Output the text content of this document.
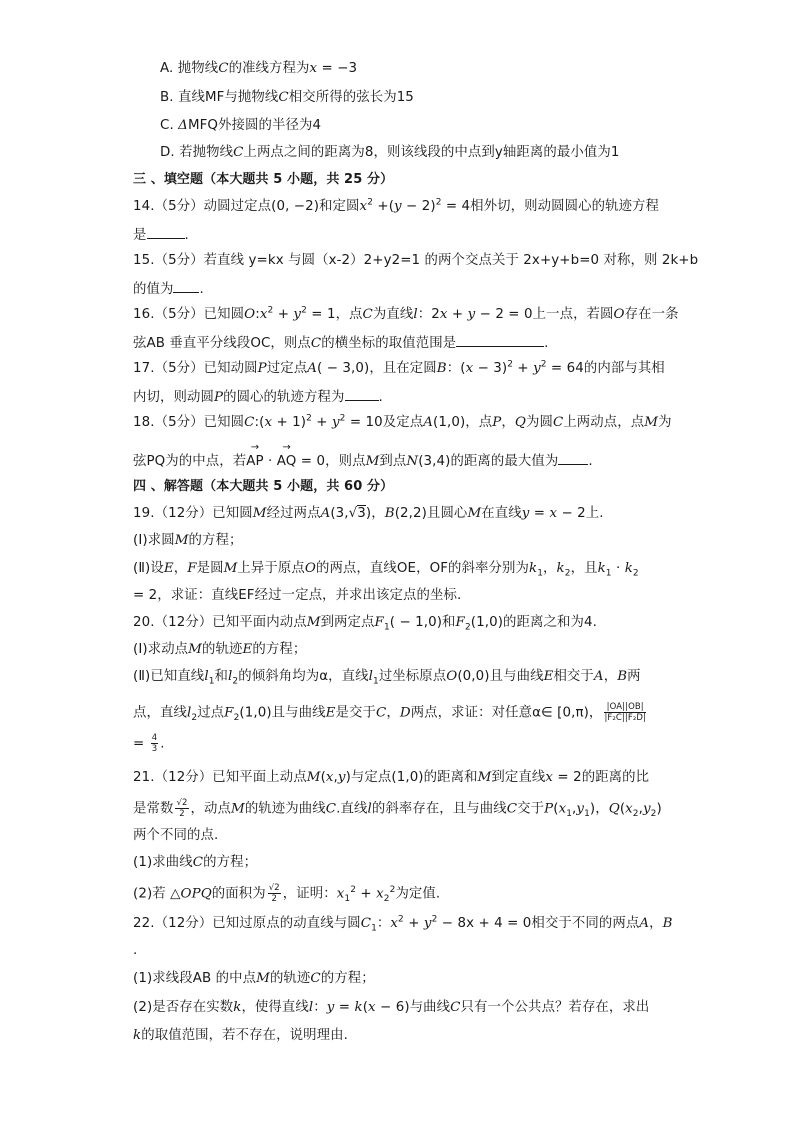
A. 抛物线C的准线方程为x = −3
B. 直线MF与抛物线C相交所得的弦长为15
C. ΔMFQ外接圆的半径为4
D. 若抛物线C上两点之间的距离为8，则该线段的中点到y轴距离的最小值为1
三 、填空题（本大题共 5 小题，共 25 分）
14.（5分）动圆过定点(0, −2)和定圆$x^2 +(y - 2)^2 = 4$相外切，则动圆圆心的轨迹方程
是	.
15.（5分）若直线 y=kx 与圆（x-2）2+y2=1 的两个交点关于 2x+y+b=0 对称，则 2k+b
的值为 .
16.（5分）已知圆$O:x^2 + y^2 = 1$，点C为直线l：2x + y − 2 = 0上一点，若圆O存在一条
弦AB 垂直平分线段OC，则点C的横坐标的取值范围是	.
17.（5分）已知动圆P过定点A( − 3,0)，且在定圆B：$(x - 3)^2 + y^2 = 64$的内部与其相
内切，则动圆P的圆心的轨迹方程为	.
18.（5分）已知圆C:(x + $1)^2 + y^2 = 10$及定点A(1,0)，点P，Q为圆C上两动点，点M为
弦PQ为的中点，若→ AP · → AQ = 0，则点M到点N(3,4)的距离的最大值为 .
四 、解答题（本大题共 5 小题，共 60 分）
19.（12分）已知圆M经过两点A(3,√3)，B(2,2)且圆心M在直线y = x − 2上.
(Ⅰ)求圆M的方程；
(Ⅱ)设E，F是圆M上异于原点O的两点，直线OE，OF的斜率分别为$k_1$，$k_2$，且$k_1 \cdot k_2$
= 2，求证：直线EF经过一定点，并求出该定点的坐标.
20.（12分）已知平面内动点M到两定点$F_1( - 1,0)$和$F_2(1,0)$的距离之和为4.
(Ⅰ)求动点M的轨迹E的方程；
(Ⅱ)已知直线$l_1$和$l_2$的倾斜角均为α，直线$l_1$过坐标原点O(0,0)且与曲线E相交于A，B两
点，直线$l_2$过点$F_2(1,0)$且与曲线E是交于C，D两点，求证：对任意α∈ [0,π)， $\frac{|OA||OB|}{\text{|F₂C||F₂D|}}$
= $\frac{4}{3}$ .
21.（12分）已知平面上动点M(x,y)与定点(1,0)的距离和M到定直线x = 2的距离的比
是常数 $\frac{√2}{2}$ ，动点M的轨迹为曲线C.直线l的斜率存在，且与曲线C交于$P(x_1,y_1)$，$Q(x_2,y_2)$
两个不同的点.
(1)求曲线C的方程；
(2)若 △OPQ的面积为 $\frac{√2}{2}$ ，证明：$x_1^2 + x_2^2$为定值.
22.（12分）已知过原点的动直线与圆$C_1$：$x^2 + y^2 - 8x + 4 = 0$相交于不同的两点A，B
.
(1)求线段AB 的中点M的轨迹C的方程；
(2)是否存在实数k，使得直线l：y = k(x − 6)与曲线C只有一个公共点？若存在，求出
k的取值范围，若不存在，说明理由.
